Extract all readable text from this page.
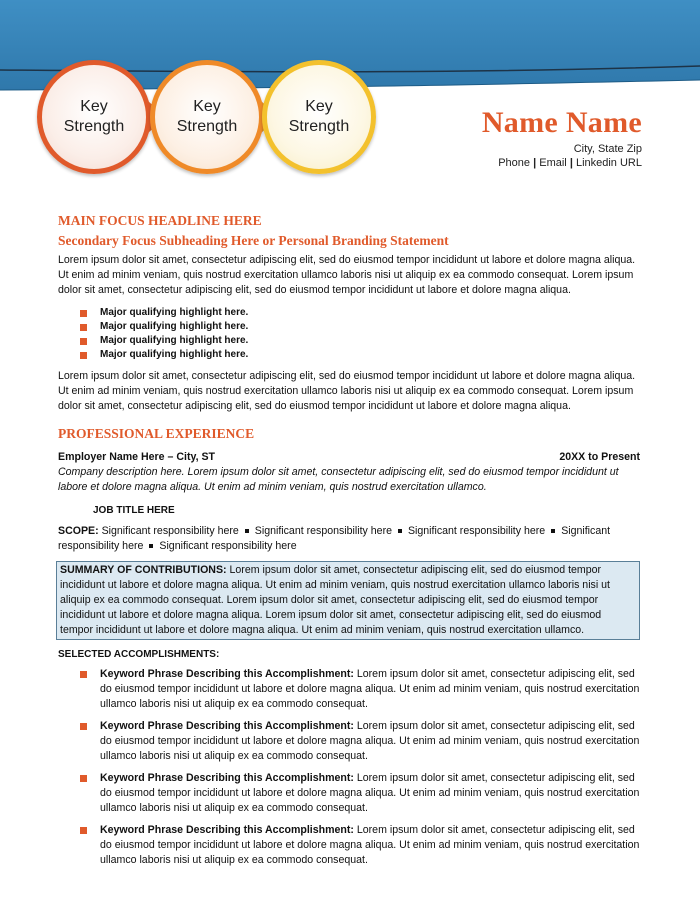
Key
Strength
Key
Strength
Key
Strength	Name Name
City, State Zip
Phone | Email | Linkedin URL
MAIN FOCUS HEADLINE HERE
Secondary Focus Subheading Here or Personal Branding Statement

Lorem ipsum dolor sit amet, consectetur adipiscing elit, sed do eiusmod tempor incididunt ut labore et dolore magna aliqua. Ut enim ad minim veniam, quis nostrud exercitation ullamco laboris nisi ut aliquip ex ea commodo consequat. Lorem ipsum dolor sit amet, consectetur adipiscing elit, sed do eiusmod tempor incididunt ut labore et dolore magna aliqua.

Major qualifying highlight here.
Major qualifying highlight here.
Major qualifying highlight here.
Major qualifying highlight here.

Lorem ipsum dolor sit amet, consectetur adipiscing elit, sed do eiusmod tempor incididunt ut labore et dolore magna aliqua. Ut enim ad minim veniam, quis nostrud exercitation ullamco laboris nisi ut aliquip ex ea commodo consequat. Lorem ipsum dolor sit amet, consectetur adipiscing elit, sed do eiusmod tempor incididunt ut labore et dolore magna aliqua.

PROFESSIONAL EXPERIENCE
Employer Name Here – City, ST	20XX to Present

Company description here. Lorem ipsum dolor sit amet, consectetur adipiscing elit, sed do eiusmod tempor incididunt ut labore et dolore magna aliqua. Ut enim ad minim veniam, quis nostrud exercitation ullamco.

JOB TITLE HERE

SCOPE: Significant responsibility here Significant responsibility here Significant responsibility here Significant responsibility here Significant responsibility here

SUMMARY OF CONTRIBUTIONS: Lorem ipsum dolor sit amet, consectetur adipiscing elit, sed do eiusmod tempor incididunt ut labore et dolore magna aliqua. Ut enim ad minim veniam, quis nostrud exercitation ullamco laboris nisi ut aliquip ex ea commodo consequat. Lorem ipsum dolor sit amet, consectetur adipiscing elit, sed do eiusmod tempor incididunt ut labore et dolore magna aliqua. Lorem ipsum dolor sit amet, consectetur adipiscing elit, sed do eiusmod tempor incididunt ut labore et dolore magna aliqua. Ut enim ad minim veniam, quis nostrud exercitation ullamco.
SELECTED ACCOMPLISHMENTS:
Keyword Phrase Describing this Accomplishment: Lorem ipsum dolor sit amet, consectetur adipiscing elit, sed do eiusmod tempor incididunt ut labore et dolore magna aliqua. Ut enim ad minim veniam, quis nostrud exercitation ullamco laboris nisi ut aliquip ex ea commodo consequat.
Keyword Phrase Describing this Accomplishment: Lorem ipsum dolor sit amet, consectetur adipiscing elit, sed do eiusmod tempor incididunt ut labore et dolore magna aliqua. Ut enim ad minim veniam, quis nostrud exercitation ullamco laboris nisi ut aliquip ex ea commodo consequat.
Keyword Phrase Describing this Accomplishment: Lorem ipsum dolor sit amet, consectetur adipiscing elit, sed do eiusmod tempor incididunt ut labore et dolore magna aliqua. Ut enim ad minim veniam, quis nostrud exercitation ullamco laboris nisi ut aliquip ex ea commodo consequat.
Keyword Phrase Describing this Accomplishment: Lorem ipsum dolor sit amet, consectetur adipiscing elit, sed do eiusmod tempor incididunt ut labore et dolore magna aliqua. Ut enim ad minim veniam, quis nostrud exercitation ullamco laboris nisi ut aliquip ex ea commodo consequat.
